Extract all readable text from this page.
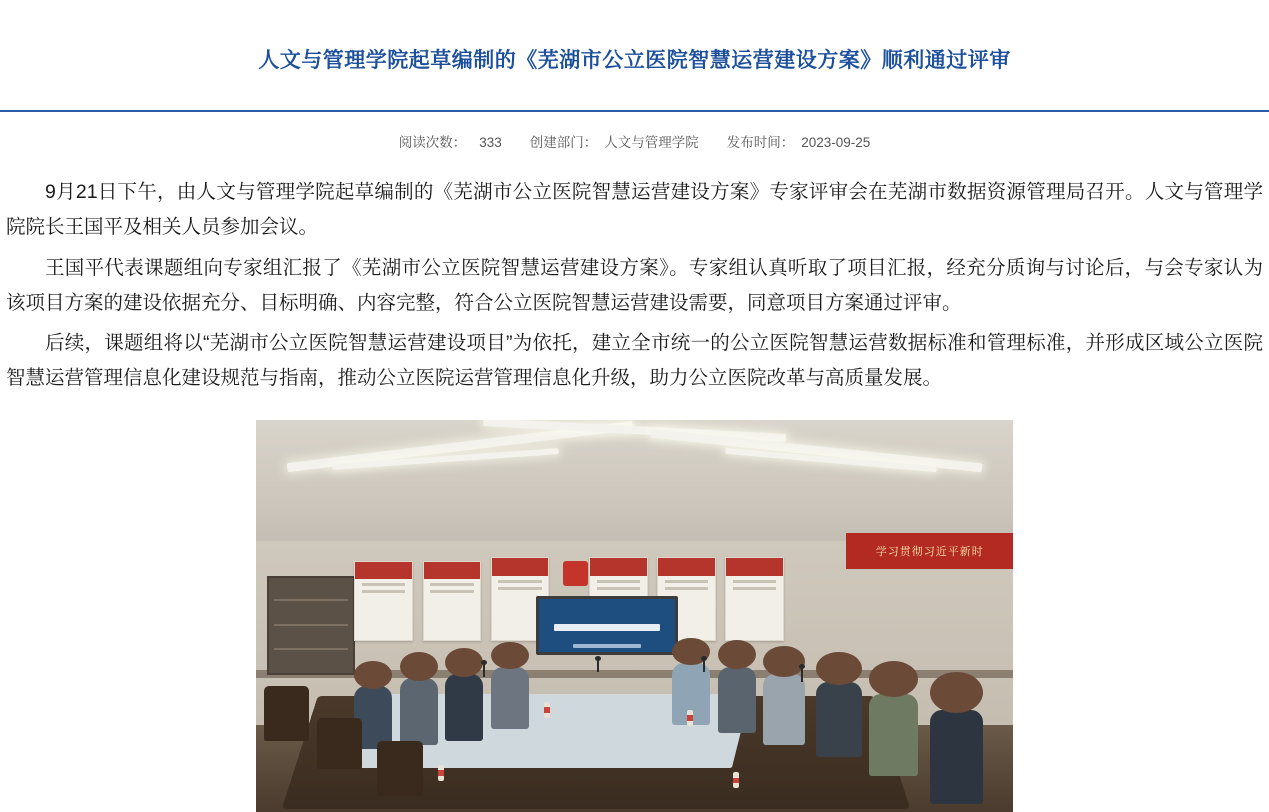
人文与管理学院起草编制的《芜湖市公立医院智慧运营建设方案》顺利通过评审
阅读次数： 333 创建部门： 人文与管理学院 发布时间： 2023-09-25

9月21日下午，由人文与管理学院起草编制的《芜湖市公立医院智慧运营建设方案》专家评审会在芜湖市数据资源管理局召开。人文与管理学院院长王国平及相关人员参加会议。

王国平代表课题组向专家组汇报了《芜湖市公立医院智慧运营建设方案》。专家组认真听取了项目汇报，经充分质询与讨论后，与会专家认为该项目方案的建设依据充分、目标明确、内容完整，符合公立医院智慧运营建设需要，同意项目方案通过评审。

后续，课题组将以“芜湖市公立医院智慧运营建设项目”为依托，建立全市统一的公立医院智慧运营数据标准和管理标准，并形成区域公立医院智慧运营管理信息化建设规范与指南，推动公立医院运营管理信息化升级，助力公立医院改革与高质量发展。

学习贯彻习近平新时
